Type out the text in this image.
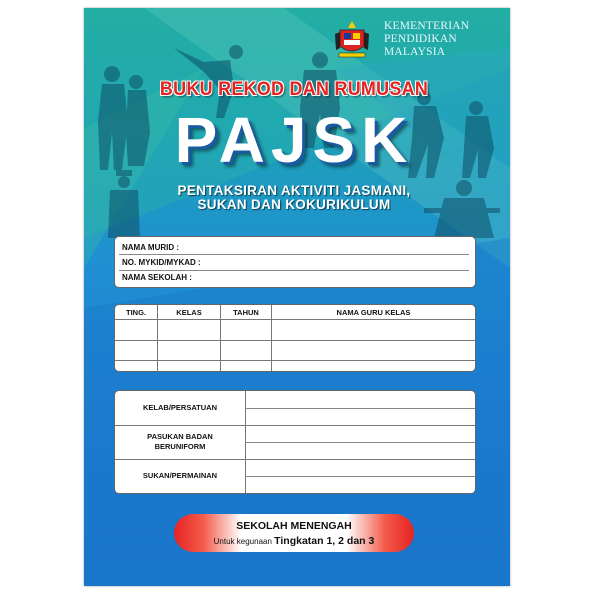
KEMENTERIAN
PENDIDIKAN
MALAYSIA
BUKU REKOD DAN RUMUSAN
PAJSK
PENTAKSIRAN AKTIVITI JASMANI,
SUKAN DAN KOKURIKULUM
NAMA MURID :
NO. MYKID/MYKAD :
NAMA SEKOLAH :
TING.	KELAS	TAHUN	NAMA GURU KELAS

KELAB/PERSATUAN
PASUKAN BADAN
BERUNIFORM
SUKAN/PERMAINAN
SEKOLAH MENENGAH
Untuk kegunaan Tingkatan 1, 2 dan 3
